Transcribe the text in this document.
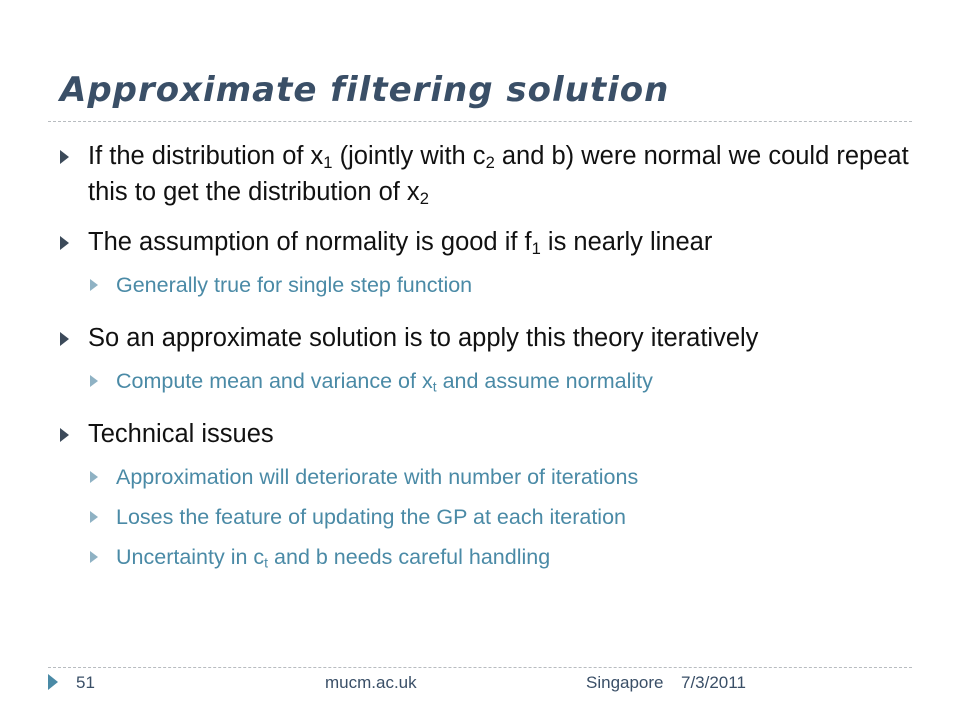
Approximate filtering solution
If the distribution of $x_1$ (jointly with $c_2$ and b) were normal we could repeat this to get the distribution of $x_2$
The assumption of normality is good if $f_1$ is nearly linear
Generally true for single step function
So an approximate solution is to apply this theory iteratively
Compute mean and variance of $x_t$ and assume normality
Technical issues
Approximation will deteriorate with number of iterations
Loses the feature of updating the GP at each iteration
Uncertainty in $c_t$ and b needs careful handling
51	mucm.ac.uk	Singapore 7/3/2011
